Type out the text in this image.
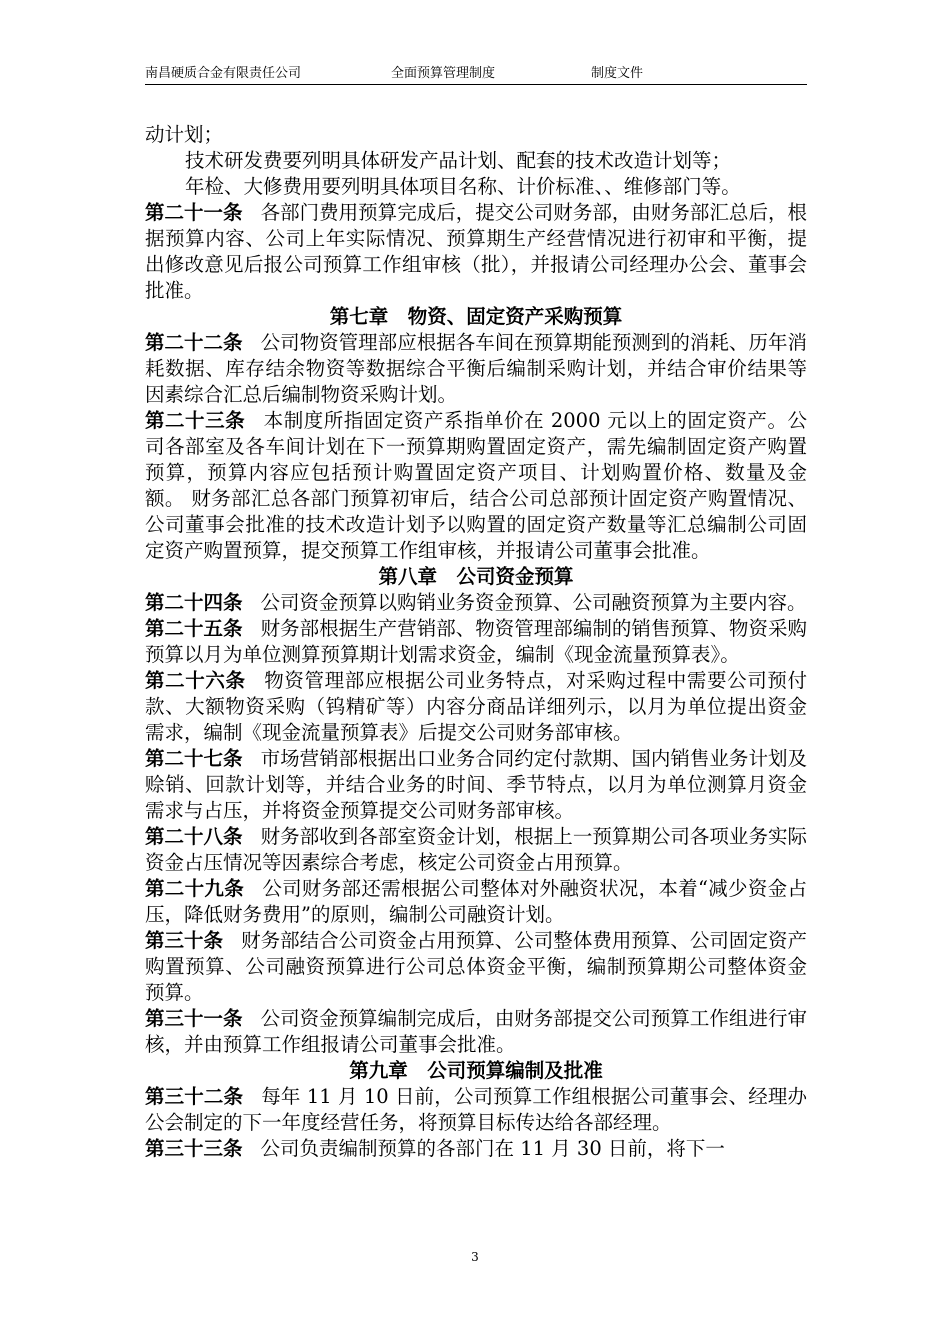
南昌硬质合金有限责任公司	全面预算管理制度	制度文件

动计划；

技术研发费要列明具体研发产品计划、配套的技术改造计划等；

年检、大修费用要列明具体项目名称、计价标准、、维修部门等。

第二十一条 各部门费用预算完成后，提交公司财务部，由财务部汇总后，根据预算内容、公司上年实际情况、预算期生产经营情况进行初审和平衡，提出修改意见后报公司预算工作组审核（批），并报请公司经理办公会、董事会批准。

第七章　物资、固定资产采购预算

第二十二条 公司物资管理部应根据各车间在预算期能预测到的消耗、历年消耗数据、库存结余物资等数据综合平衡后编制采购计划，并结合审价结果等因素综合汇总后编制物资采购计划。

第二十三条 本制度所指固定资产系指单价在 2000 元以上的固定资产。公司各部室及各车间计划在下一预算期购置固定资产，需先编制固定资产购置预算，预算内容应包括预计购置固定资产项目、计划购置价格、数量及金额。 财务部汇总各部门预算初审后，结合公司总部预计固定资产购置情况、公司董事会批准的技术改造计划予以购置的固定资产数量等汇总编制公司固定资产购置预算，提交预算工作组审核，并报请公司董事会批准。

第八章　公司资金预算

第二十四条 公司资金预算以购销业务资金预算、公司融资预算为主要内容。

第二十五条 财务部根据生产营销部、物资管理部编制的销售预算、物资采购预算以月为单位测算预算期计划需求资金，编制《现金流量预算表》。

第二十六条 物资管理部应根据公司业务特点，对采购过程中需要公司预付款、大额物资采购（钨精矿等）内容分商品详细列示，以月为单位提出资金需求，编制《现金流量预算表》后提交公司财务部审核。

第二十七条 市场营销部根据出口业务合同约定付款期、国内销售业务计划及赊销、回款计划等，并结合业务的时间、季节特点，以月为单位测算月资金需求与占压，并将资金预算提交公司财务部审核。

第二十八条 财务部收到各部室资金计划，根据上一预算期公司各项业务实际资金占压情况等因素综合考虑，核定公司资金占用预算。

第二十九条 公司财务部还需根据公司整体对外融资状况，本着“减少资金占压，降低财务费用”的原则，编制公司融资计划。

第三十条 财务部结合公司资金占用预算、公司整体费用预算、公司固定资产购置预算、公司融资预算进行公司总体资金平衡，编制预算期公司整体资金预算。

第三十一条 公司资金预算编制完成后，由财务部提交公司预算工作组进行审核，并由预算工作组报请公司董事会批准。

第九章　公司预算编制及批准

第三十二条 每年 11 月 10 日前，公司预算工作组根据公司董事会、经理办公会制定的下一年度经营任务，将预算目标传达给各部经理。

第三十三条 公司负责编制预算的各部门在 11 月 30 日前，将下一

3
